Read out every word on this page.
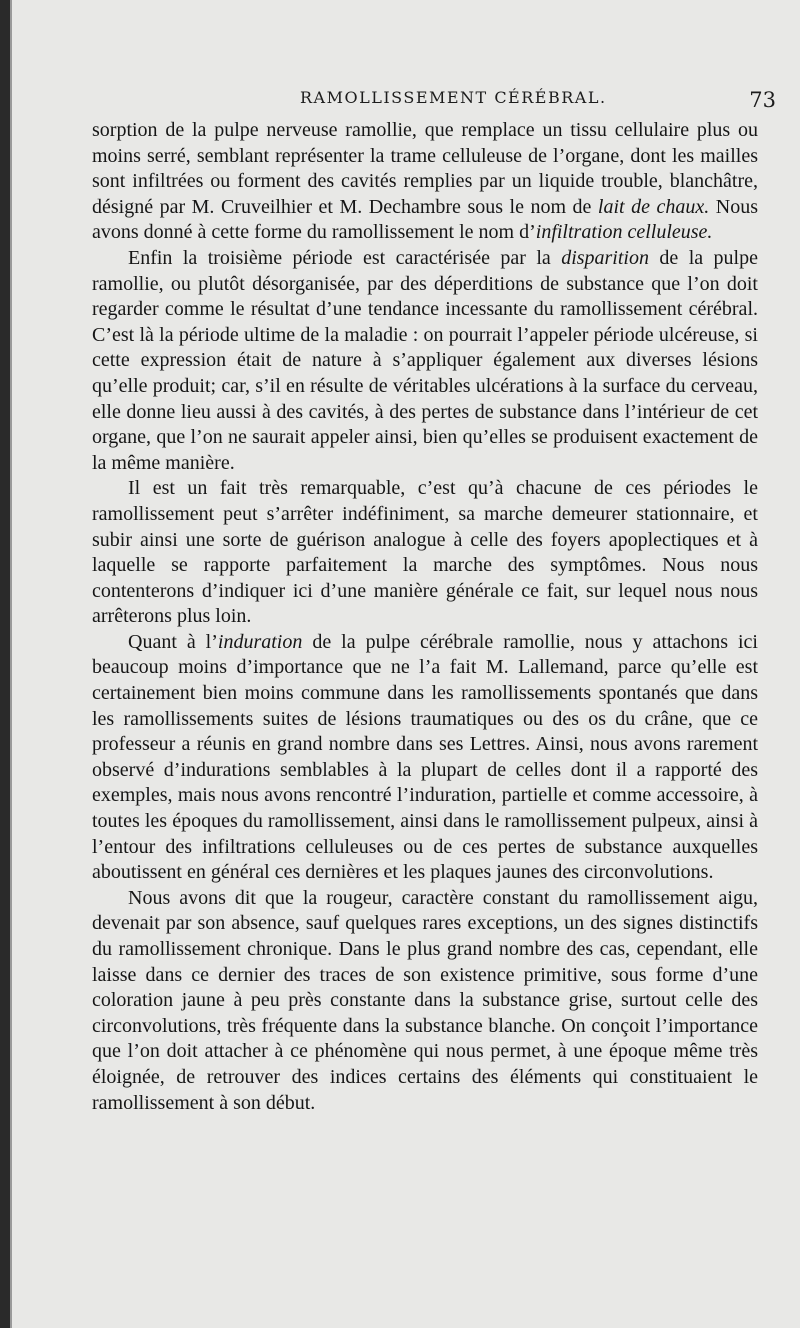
RAMOLLISSEMENT CÉRÉBRAL.	73

sorption de la pulpe nerveuse ramollie, que remplace un tissu cellulaire plus ou moins serré, semblant représenter la trame celluleuse de l’organe, dont les mailles sont infiltrées ou forment des cavités remplies par un liquide trouble, blanchâtre, désigné par M. Cruveilhier et M. Dechambre sous le nom de lait de chaux. Nous avons donné à cette forme du ramollissement le nom d’infiltration celluleuse.

Enfin la troisième période est caractérisée par la disparition de la pulpe ramollie, ou plutôt désorganisée, par des déperditions de substance que l’on doit regarder comme le résultat d’une tendance incessante du ramollissement cérébral. C’est là la période ultime de la maladie : on pourrait l’appeler période ulcéreuse, si cette expression était de nature à s’appliquer également aux diverses lésions qu’elle produit; car, s’il en résulte de véritables ulcérations à la surface du cerveau, elle donne lieu aussi à des cavités, à des pertes de substance dans l’intérieur de cet organe, que l’on ne saurait appeler ainsi, bien qu’elles se produisent exactement de la même manière.

Il est un fait très remarquable, c’est qu’à chacune de ces périodes le ramollissement peut s’arrêter indéfiniment, sa marche demeurer stationnaire, et subir ainsi une sorte de guérison analogue à celle des foyers apoplectiques et à laquelle se rapporte parfaitement la marche des symptômes. Nous nous contenterons d’indiquer ici d’une manière générale ce fait, sur lequel nous nous arrêterons plus loin.

Quant à l’induration de la pulpe cérébrale ramollie, nous y attachons ici beaucoup moins d’importance que ne l’a fait M. Lallemand, parce qu’elle est certainement bien moins commune dans les ramollissements spontanés que dans les ramollissements suites de lésions traumatiques ou des os du crâne, que ce professeur a réunis en grand nombre dans ses Lettres. Ainsi, nous avons rarement observé d’indurations semblables à la plupart de celles dont il a rapporté des exemples, mais nous avons rencontré l’induration, partielle et comme accessoire, à toutes les époques du ramollissement, ainsi dans le ramollissement pulpeux, ainsi à l’entour des infiltrations celluleuses ou de ces pertes de substance auxquelles aboutissent en général ces dernières et les plaques jaunes des circonvolutions.

Nous avons dit que la rougeur, caractère constant du ramollissement aigu, devenait par son absence, sauf quelques rares exceptions, un des signes distinctifs du ramollissement chronique. Dans le plus grand nombre des cas, cependant, elle laisse dans ce dernier des traces de son existence primitive, sous forme d’une coloration jaune à peu près constante dans la substance grise, surtout celle des circonvolutions, très fréquente dans la substance blanche. On conçoit l’importance que l’on doit attacher à ce phénomène qui nous permet, à une époque même très éloignée, de retrouver des indices certains des éléments qui constituaient le ramollissement à son début.
